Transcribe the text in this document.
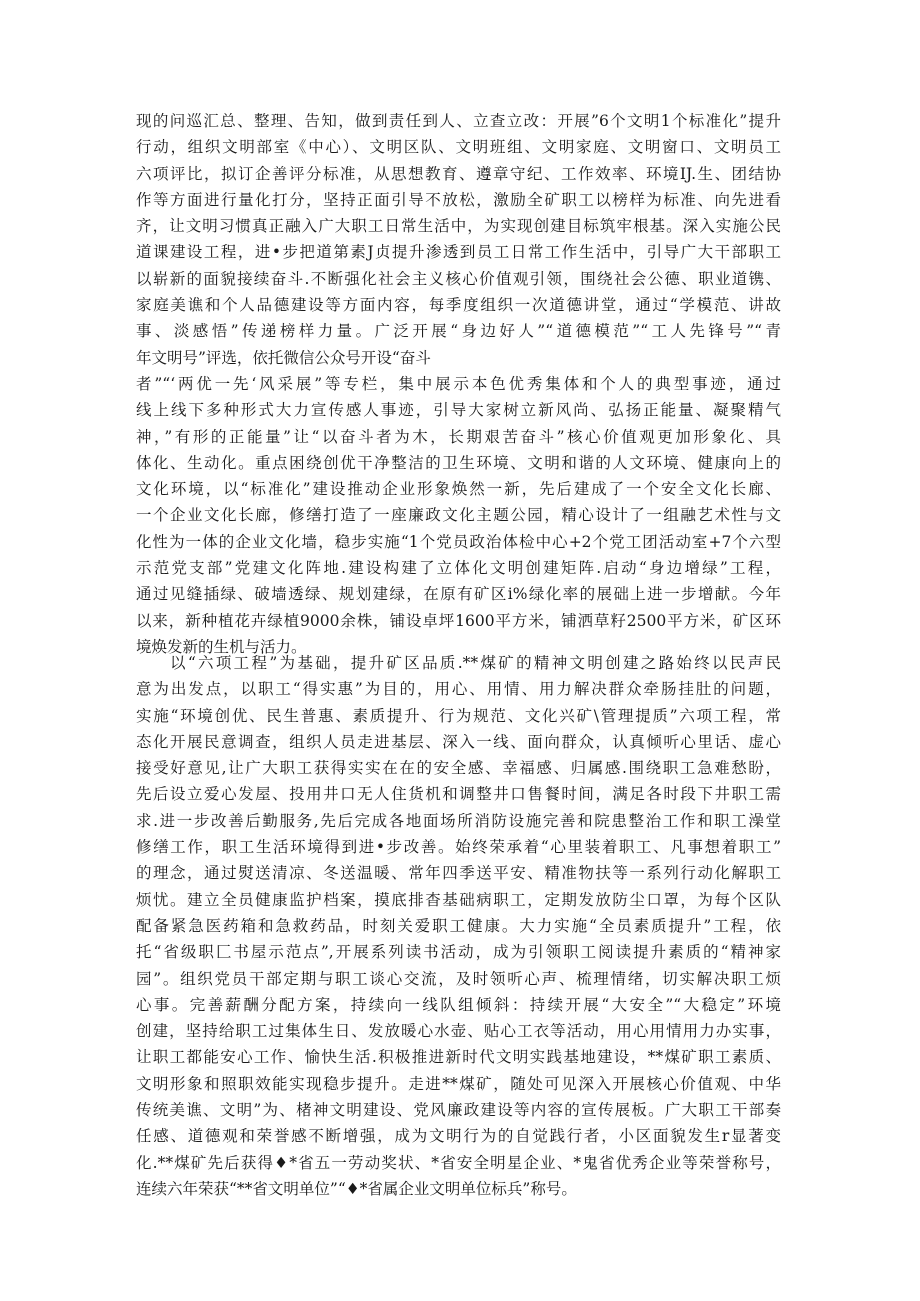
现的问巡汇总、整理、告知，做到责任到人、立查立改：开展”6个文明1个标准化”提升
行动，组织文明部室《中心）、文明区队、文明班组、文明家庭、文明窗口、文明员工
六项评比，拟订企善评分标准，从思想教育、遵章守纪、工作效率、环境IJ.生、团结协
作等方面进行量化打分，坚持正面引导不放松，激励全矿职工以榜样为标准、向先进看
齐，让文明习惯真正融入广大职工日常生活中，为实现创建目标筑牢根基。深入实施公民
道课建设工程，进•步把道第素J贞提升渗透到员工日常工作生活中，引导广大干部职工
以崭新的面貌接续奋斗.不断强化社会主义核心价值观引领，围绕社会公德、职业道镌、
家庭美谯和个人品德建设等方面内容，每季度组织一次道德讲堂，通过“学模范、讲故
事、淡感悟”传递榜样力量。广泛开展“身边好人”“道德模范”“工人先锋号”“青
年文明号”评选，依托微信公众号开设“奋斗
者”“‘两优一先‘风采展”等专栏，集中展示本色优秀集体和个人的典型事迹，通过
线上线下多种形式大力宣传感人事迹，引导大家树立新风尚、弘扬正能量、凝聚精气
神，”有形的正能量”让“以奋斗者为木，长期艰苦奋斗”核心价值观更加形象化、具
体化、生动化。重点困绕创优干净整洁的卫生环境、文明和谐的人文环境、健康向上的
文化环境，以“标准化”建设推动企业形象焕然一新，先后建成了一个安全文化长廊、
一个企业文化长廊，修缮打造了一座廉政文化主题公园，精心设计了一组融艺术性与文
化性为一体的企业文化墙，稳步实施“1个党员政治体检中心+2个党工团活动室+7个六型
示范党支部”党建文化阵地.建设构建了立体化文明创建矩阵.启动“身边增绿”工程，
通过见缝插绿、破墙透绿、规划建绿，在原有矿区i%绿化率的展础上进一步增献。今年
以来，新种植花卉绿植9000余株，铺设卓坪1600平方米，铺洒草籽2500平方米，矿区环
境焕发新的生机与活力。
以“六项工程”为基础，提升矿区品质.**煤矿的精神文明创建之路始终以民声民
意为出发点，以职工“得实惠”为目的，用心、用情、用力解决群众牵肠挂肚的问题，
实施“环境创优、民生普惠、素质提升、行为规范、文化兴矿\管理提质”六项工程，常
态化开展民意调查，组织人员走进基层、深入一线、面向群众，认真倾听心里话、虚心
接受好意见,让广大职工获得实实在在的安全感、幸福感、归属感.围绕职工急难愁盼，
先后设立爱心发屋、投用井口无人住货机和调整井口售餐时间，满足各时段下井职工需
求.进一步改善后勤服务,先后完成各地面场所消防设施完善和院患整治工作和职工澡堂
修缮工作，职工生活环境得到进•步改善。始终荣承着“心里装着职工、凡事想着职工”
的理念，通过熨送清凉、冬送温暖、常年四季送平安、精准物扶等一系列行动化解职工
烦忧。建立全员健康监护档案，摸底排杳基础病职工，定期发放防尘口罩，为每个区队
配备紧急医药箱和急救药品，时刻关爱职工健康。大力实施“全员素质提升”工程，依
托“省级职匚书屋示范点”,开展系列读书活动，成为引领职工阅读提升素质的“精神家
园”。组织党员干部定期与职工谈心交流，及时领听心声、梳理情绪，切实解决职工烦
心事。完善薪酬分配方案，持续向一线队组倾斜：持续开展“大安全”“大稳定”环境
创建，坚持给职工过集体生日、发放暖心水壶、贴心工衣等活动，用心用情用力办实事，
让职工都能安心工作、愉快生活.积极推进新时代文明实践基地建设，**煤矿职工素质、
文明形象和照职效能实现稳步提升。走进**煤矿，随处可见深入开展核心价值观、中华
传统美谯、文明”为、楮神文明建设、党风廉政建设等内容的宣传展板。广大职工干部奏
任感、道德观和荣誉感不断增强，成为文明行为的自觉践行者，小区面貌发生r显著变
化.**煤矿先后获得♦*省五一劳动奖状、*省安全明星企业、*鬼省优秀企业等荣誉称号，
连续六年荣获“**省文明单位”“♦*省属企业文明单位标兵”称号。
